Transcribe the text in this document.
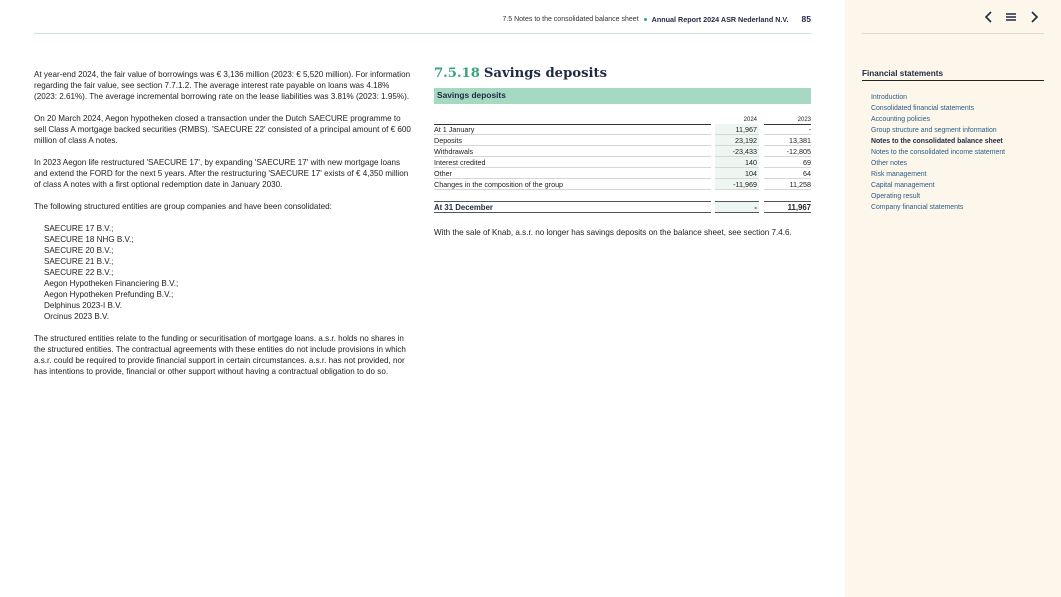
7.5 Notes to the consolidated balance sheet Annual Report 2024 ASR Nederland N.V. 85

At year-end 2024, the fair value of borrowings was € 3,136 million (2023: € 5,520 million). For information regarding the fair value, see section 7.7.1.2. The average interest rate payable on loans was 4.18% (2023: 2.61%). The average incremental borrowing rate on the lease liabilities was 3.81% (2023: 1.95%).

On 20 March 2024, Aegon hypotheken closed a transaction under the Dutch SAECURE programme to sell Class A mortgage backed securities (RMBS). 'SAECURE 22' consisted of a principal amount of € 600 million of class A notes.

In 2023 Aegon life restructured 'SAECURE 17', by expanding 'SAECURE 17' with new mortgage loans and extend the FORD for the next 5 years. After the restructuring 'SAECURE 17' exists of € 4,350 million of class A notes with a first optional redemption date in January 2030.

The following structured entities are group companies and have been consolidated:

SAECURE 17 B.V.;
SAECURE 18 NHG B.V.;
SAECURE 20 B.V.;
SAECURE 21 B.V.;
SAECURE 22 B.V.;
Aegon Hypotheken Financiering B.V.;
Aegon Hypotheken Prefunding B.V.;
Delphinus 2023-I B.V.
Orcinus 2023 B.V.

The structured entities relate to the funding or securitisation of mortgage loans. a.s.r. holds no shares in the structured entities. The contractual agreements with these entities do not include provisions in which a.s.r. could be required to provide financial support in certain circumstances. a.s.r. has not provided, nor has intentions to provide, financial or other support without having a contractual obligation to do so.

7.5.18 Savings deposits
Savings deposits
2024	2023
At 1 January	11,967	-
Deposits	23,192	13,381
Withdrawals	-23,433	-12,805
Interest credited	140	69
Other	104	64
Changes in the composition of the group	-11,969	11,258
At 31 December	-	11,967

With the sale of Knab, a.s.r. no longer has savings deposits on the balance sheet, see section 7.4.6.

Financial statements
Introduction
Consolidated financial statements
Accounting policies
Group structure and segment information
Notes to the consolidated balance sheet
Notes to the consolidated income statement
Other notes
Risk management
Capital management
Operating result
Company financial statements
